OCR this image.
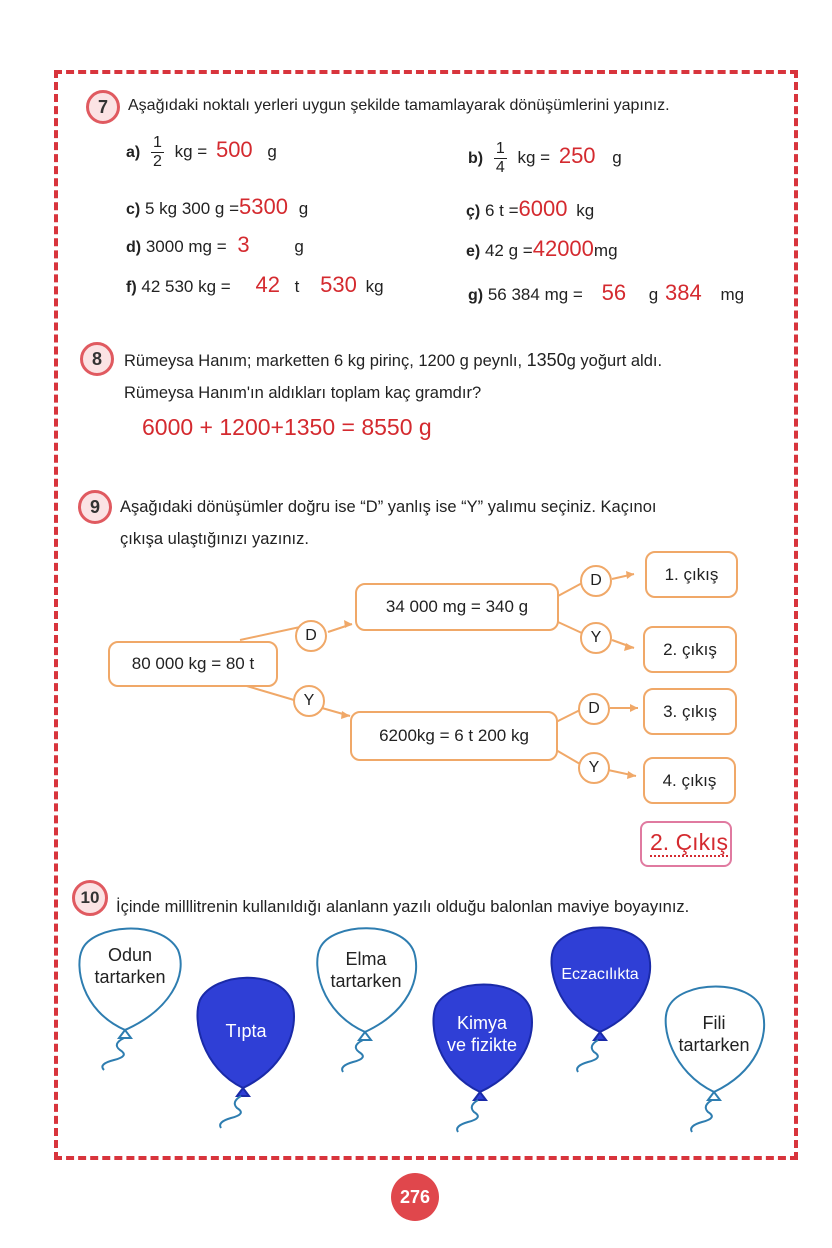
7	Aşağıdaki noktalı yerleri uygun şekilde tamamlayarak dönüşümlerini yapınız.
$a) \frac{1}{2}$ kg = 500 g	$b) \frac{1}{4}$ kg = 250 g
c) 5 kg 300 g =5300 g	ç) 6 t =6000 kg
d) 3000 mg = 3	g	e) 42 g =42000mg
f) 42 530 kg = 42 t 530 kg	g) 56 384 mg = 56 g 384 mg
8	Rümeysa Hanım; marketten 6 kg pirinç, 1200 g peynlı, 1350g yoğurt aldı.
Rümeysa Hanım'ın aldıkları toplam kaç gramdır?
6000 + 1200+1350 = 8550 g
9	Aşağıdaki dönüşümler doğru ise “D” yanlış ise “Y” yalımu seçiniz. Kaçınoı
çıkışa ulaştığınızı yazınız.
80 000 kg = 80 t
34 000 mg = 340 g
6200kg = 6 t 200 kg
D
Y
D
Y
D
Y
1. çıkış
2. çıkış
3. çıkış
4. çıkış
2. Çıkış
10	İçinde milllitrenin kullanıldığı alanlann yazılı olduğu balonlan maviye boyayınız.
Odun
tartarken
Tıpta
Elma
tartarken
Kimya
ve fizikte
Eczacılıkta
Fili
tartarken
276
